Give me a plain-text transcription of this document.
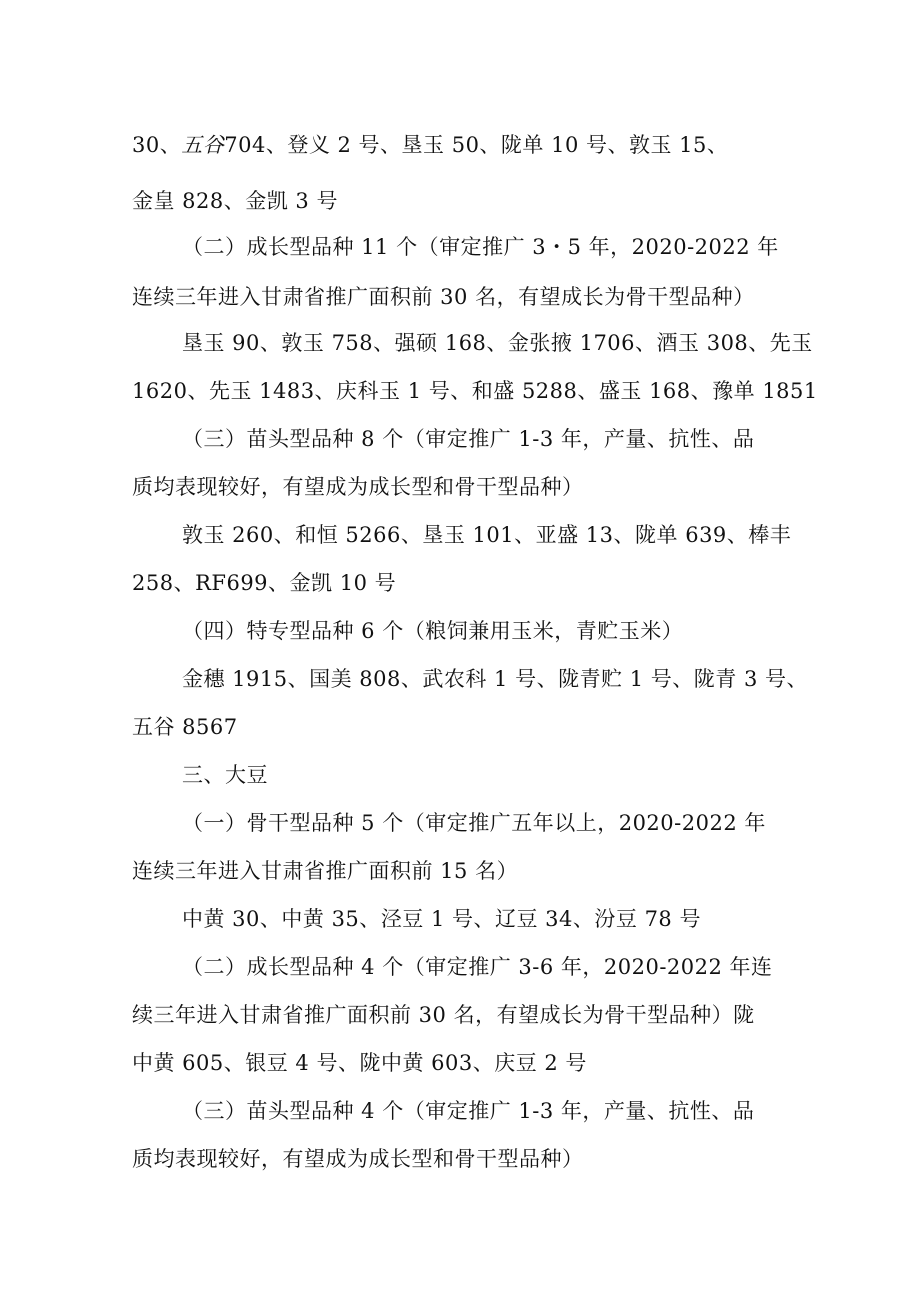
30、五谷704、登义 2 号、垦玉 50、陇单 10 号、敦玉 15、
金皇 828、金凯 3 号
（二）成长型品种 11 个（审定推广 3・5 年，2020-2022 年
连续三年进入甘肃省推广面积前 30 名，有望成长为骨干型品种）
垦玉 90、敦玉 758、强硕 168、金张掖 1706、酒玉 308、先玉
1620、先玉 1483、庆科玉 1 号、和盛 5288、盛玉 168、豫单 1851
（三）苗头型品种 8 个（审定推广 1-3 年，产量、抗性、品
质均表现较好，有望成为成长型和骨干型品种）
敦玉 260、和恒 5266、垦玉 101、亚盛 13、陇单 639、棒丰
258、RF699、金凯 10 号
（四）特专型品种 6 个（粮饲兼用玉米，青贮玉米）
金穗 1915、国美 808、武农科 1 号、陇青贮 1 号、陇青 3 号、
五谷 8567
三、大豆
（一）骨干型品种 5 个（审定推广五年以上，2020-2022 年
连续三年进入甘肃省推广面积前 15 名）
中黄 30、中黄 35、泾豆 1 号、辽豆 34、汾豆 78 号
（二）成长型品种 4 个（审定推广 3-6 年，2020-2022 年连
续三年进入甘肃省推广面积前 30 名，有望成长为骨干型品种）陇
中黄 605、银豆 4 号、陇中黄 603、庆豆 2 号
（三）苗头型品种 4 个（审定推广 1-3 年，产量、抗性、品
质均表现较好，有望成为成长型和骨干型品种）
